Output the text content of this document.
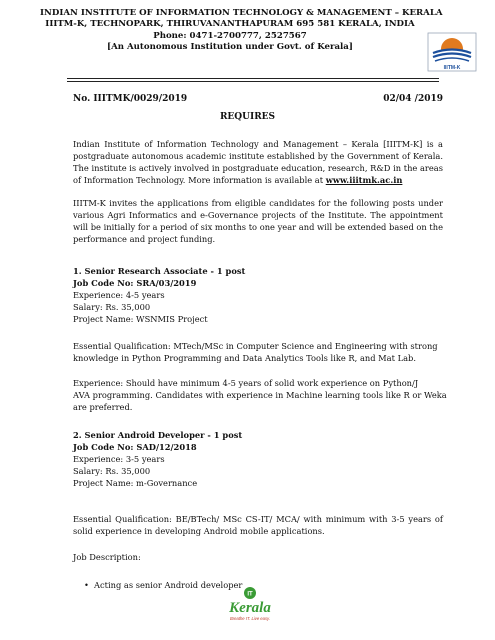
INDIAN INSTITUTE OF INFORMATION TECHNOLOGY & MANAGEMENT – KERALA
IIITM-K, TECHNOPARK, THIRUVANANTHAPURAM 695 581 KERALA, INDIA
Phone: 0471-2700777, 2527567
[An Autonomous Institution under Govt. of Kerala]
IIITM-K
No. IIITMK/0029/2019	02/04 /2019
REQUIRES
Indian Institute of Information Technology and Management – Kerala [IIITM-K] is a postgraduate autonomous academic institute established by the Government of Kerala. The institute is actively involved in postgraduate education, research, R&D in the areas of Information Technology. More information is available at www.iiitmk.ac.in
IIITM-K invites the applications from eligible candidates for the following posts under various Agri Informatics and e-Governance projects of the Institute. The appointment will be initially for a period of six months to one year and will be extended based on the performance and project funding.
1. Senior Research Associate - 1 post
Job Code No: SRA/03/2019
Experience: 4-5 years
Salary: Rs. 35,000
Project Name: WSNMIS Project
Essential Qualification: MTech/MSc in Computer Science and Engineering with strong knowledge in Python Programming and Data Analytics Tools like R, and Mat Lab.
Experience: Should have minimum 4-5 years of solid work experience on Python/J
AVA programming. Candidates with experience in Machine learning tools like R or Weka
are preferred.
2. Senior Android Developer - 1 post
Job Code No: SAD/12/2018
Experience: 3-5 years
Salary: Rs. 35,000
Project Name: m-Governance
Essential Qualification: BE/BTech/ MSc CS-IT/ MCA/ with minimum with 3-5 years of solid experience in developing Android mobile applications.
Job Description:
• Acting as senior Android developer
IT
Kerala
Breathe IT. Live easy.
